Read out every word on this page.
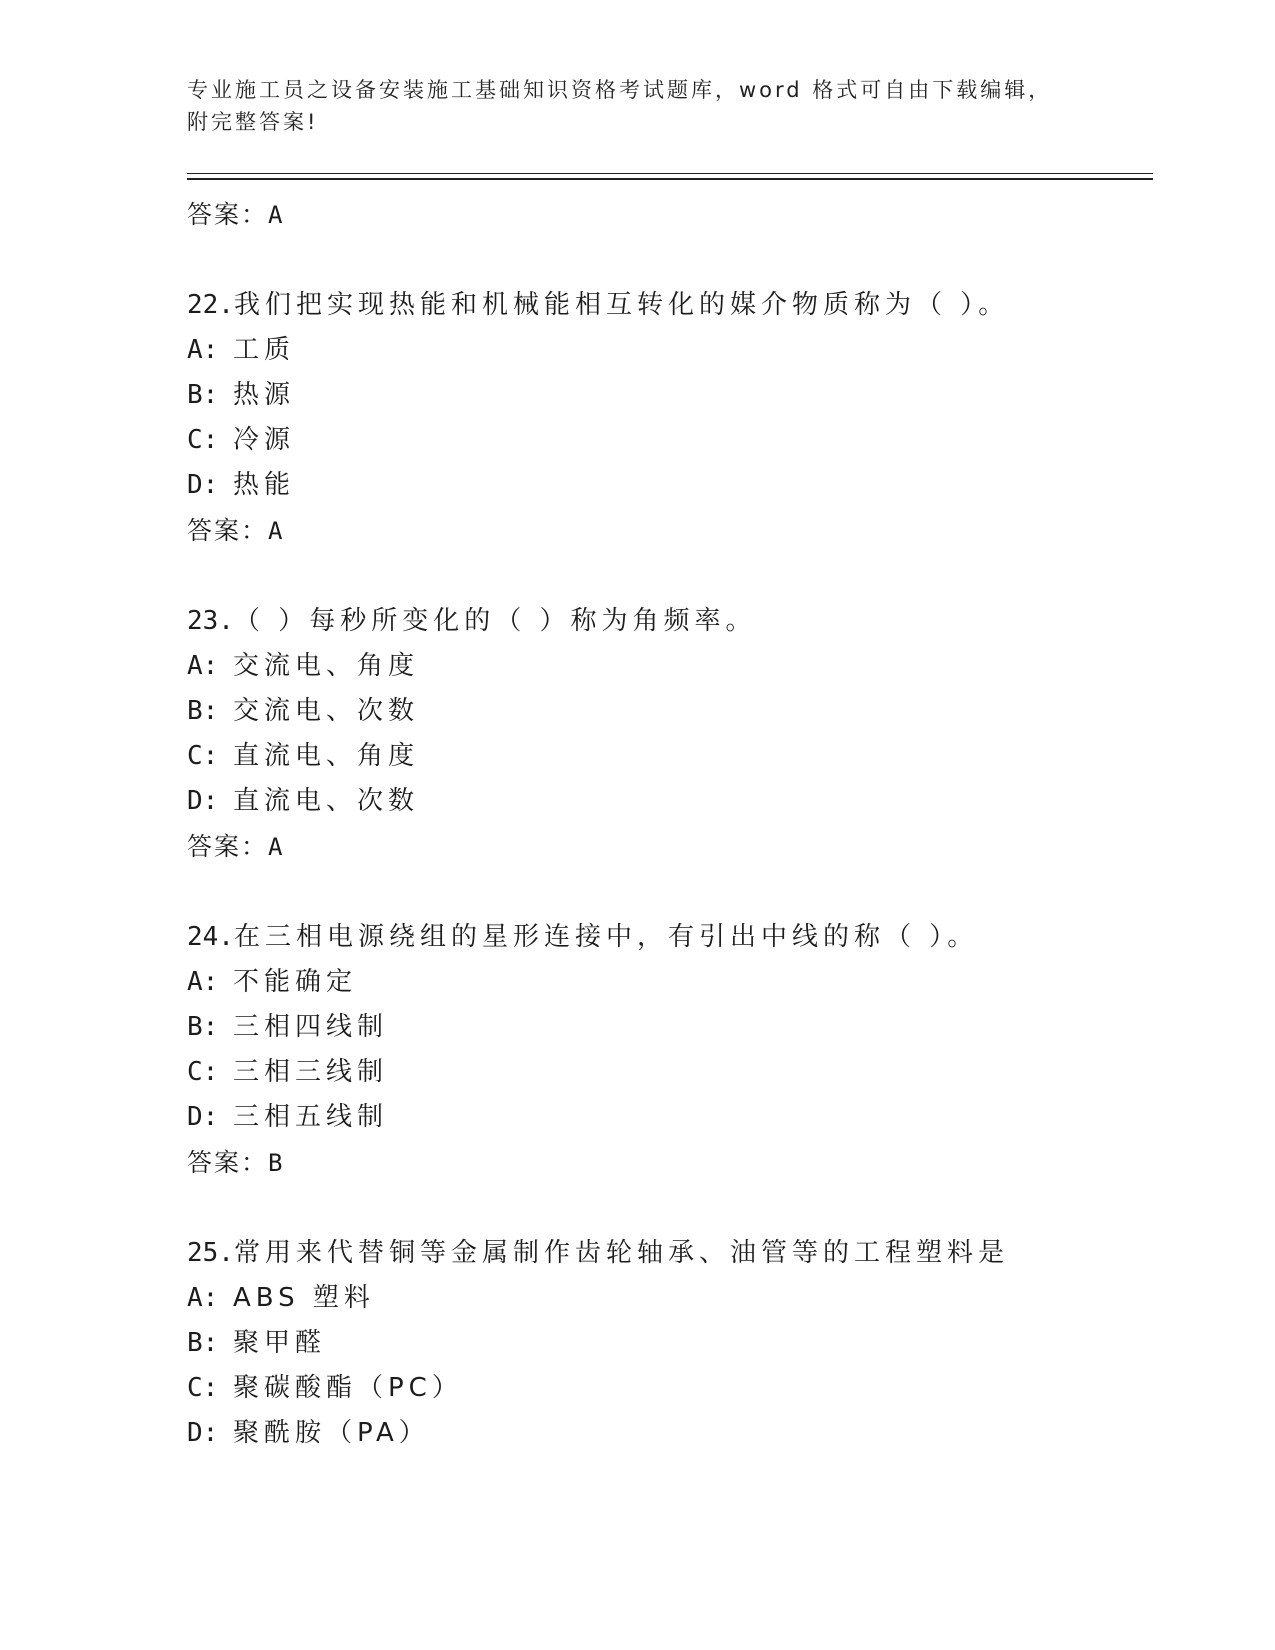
专业施工员之设备安装施工基础知识资格考试题库，word 格式可自由下载编辑，
附完整答案!
答案：A
22.我们把实现热能和机械能相互转化的媒介物质称为（ ）。
A: 工质
B: 热源
C: 冷源
D: 热能
答案：A
23.（ ）每秒所变化的（ ）称为角频率。
A: 交流电、角度
B: 交流电、次数
C: 直流电、角度
D: 直流电、次数
答案：A
24.在三相电源绕组的星形连接中，有引出中线的称（ ）。
A: 不能确定
B: 三相四线制
C: 三相三线制
D: 三相五线制
答案：B
25.常用来代替铜等金属制作齿轮轴承、油管等的工程塑料是
A: ABS 塑料
B: 聚甲醛
C: 聚碳酸酯（PC）
D: 聚酰胺（PA）
